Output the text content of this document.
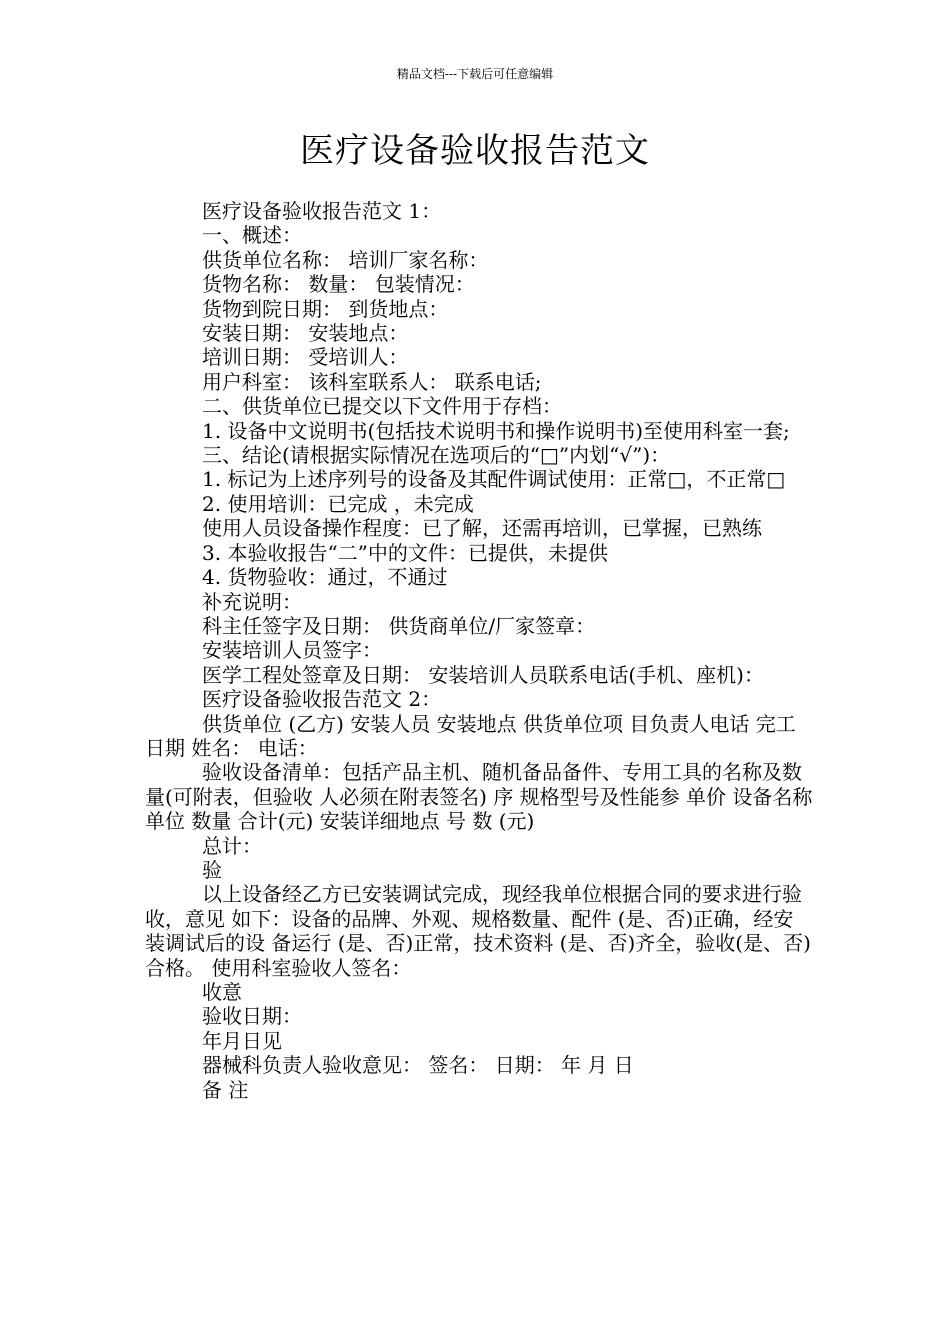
精品文档---下载后可任意编辑
医疗设备验收报告范文

医疗设备验收报告范文 1：

一、概述：

供货单位名称： 培训厂家名称：

货物名称： 数量： 包装情况：

货物到院日期： 到货地点：

安装日期： 安装地点：

培训日期： 受培训人：

用户科室： 该科室联系人： 联系电话;

二、供货单位已提交以下文件用于存档：

1. 设备中文说明书(包括技术说明书和操作说明书)至使用科室一套;

三、结论(请根据实际情况在选项后的“□”内划“√”)：

1. 标记为上述序列号的设备及其配件调试使用：正常□，不正常□

2. 使用培训：已完成 ，未完成

使用人员设备操作程度：已了解，还需再培训，已掌握，已熟练

3. 本验收报告“二”中的文件：已提供，未提供

4. 货物验收：通过，不通过

补充说明：

科主任签字及日期： 供货商单位/厂家签章：

安装培训人员签字：

医学工程处签章及日期： 安装培训人员联系电话(手机、座机)：

医疗设备验收报告范文 2：

供货单位 (乙方) 安装人员 安装地点 供货单位项 目负责人电话 完工日期 姓名： 电话：

验收设备清单：包括产品主机、随机备品备件、专用工具的名称及数量(可附表，但验收 人必须在附表签名) 序 规格型号及性能参 单价 设备名称 单位 数量 合计(元) 安装详细地点 号 数 (元)

总计：

验

以上设备经乙方已安装调试完成，现经我单位根据合同的要求进行验收，意见 如下：设备的品牌、外观、规格数量、配件 (是、否)正确，经安装调试后的设 备运行 (是、否)正常，技术资料 (是、否)齐全，验收(是、否)合格。 使用科室验收人签名：

收意

验收日期：

年月日见

器械科负责人验收意见： 签名： 日期： 年 月 日

备 注
